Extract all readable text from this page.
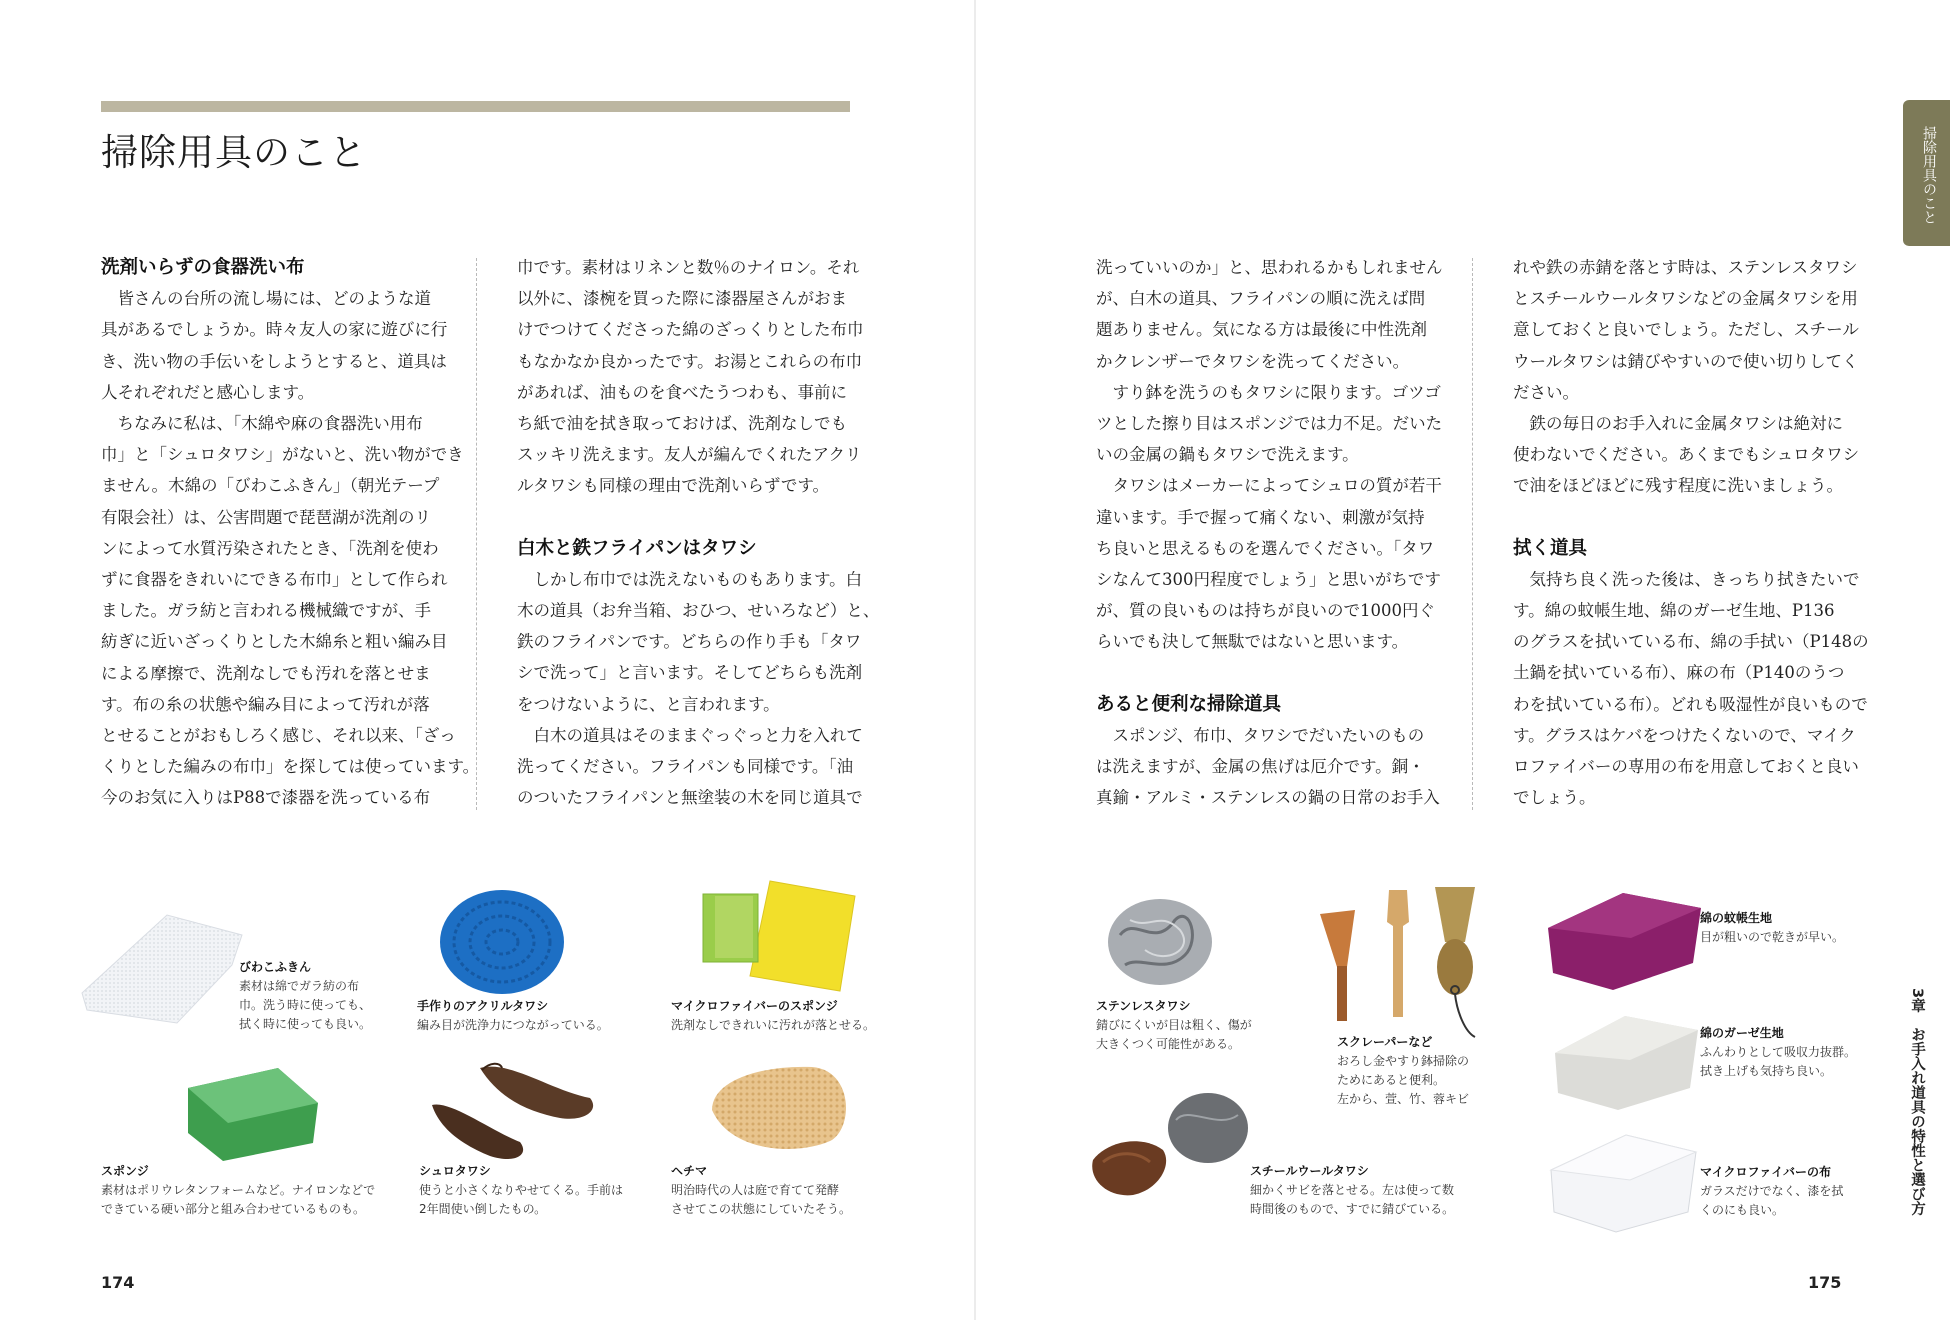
掃除用具のこと	掃除用具のこと
洗剤いらずの食器洗い布

　皆さんの台所の流し場には、どのような道

具があるでしょうか。時々友人の家に遊びに行

き、洗い物の手伝いをしようとすると、道具は

人それぞれだと感心します。

　ちなみに私は、「木綿や麻の食器洗い用布

巾」と「シュロタワシ」がないと、洗い物ができ

ません。木綿の「びわこふきん」（朝光テープ

有限会社）は、公害問題で琵琶湖が洗剤のリ

ンによって水質汚染されたとき、「洗剤を使わ

ずに食器をきれいにできる布巾」として作られ

ました。ガラ紡と言われる機械織ですが、手

紡ぎに近いざっくりとした木綿糸と粗い編み目

による摩擦で、洗剤なしでも汚れを落とせま

す。布の糸の状態や編み目によって汚れが落

とせることがおもしろく感じ、それ以来、「ざっ

くりとした編みの布巾」を探しては使っています。

今のお気に入りはP88で漆器を洗っている布

巾です。素材はリネンと数％のナイロン。それ

以外に、漆椀を買った際に漆器屋さんがおま

けでつけてくださった綿のざっくりとした布巾

もなかなか良かったです。お湯とこれらの布巾

があれば、油ものを食べたうつわも、事前に

ち紙で油を拭き取っておけば、洗剤なしでも

スッキリ洗えます。友人が編んでくれたアクリ

ルタワシも同様の理由で洗剤いらずです。

白木と鉄フライパンはタワシ

　しかし布巾では洗えないものもあります。白

木の道具（お弁当箱、おひつ、せいろなど）と、

鉄のフライパンです。どちらの作り手も「タワ

シで洗って」と言います。そしてどちらも洗剤

をつけないように、と言われます。

　白木の道具はそのままぐっぐっと力を入れて

洗ってください。フライパンも同様です。「油

のついたフライパンと無塗装の木を同じ道具で

洗っていいのか」と、思われるかもしれません

が、白木の道具、フライパンの順に洗えば問

題ありません。気になる方は最後に中性洗剤

かクレンザーでタワシを洗ってください。

　すり鉢を洗うのもタワシに限ります。ゴツゴ

ツとした擦り目はスポンジでは力不足。だいた

いの金属の鍋もタワシで洗えます。

　タワシはメーカーによってシュロの質が若干

違います。手で握って痛くない、刺激が気持

ち良いと思えるものを選んでください。「タワ

シなんて300円程度でしょう」と思いがちです

が、質の良いものは持ちが良いので1000円ぐ

らいでも決して無駄ではないと思います。

あると便利な掃除道具

　スポンジ、布巾、タワシでだいたいのもの

は洗えますが、金属の焦げは厄介です。銅・

真鍮・アルミ・ステンレスの鍋の日常のお手入

れや鉄の赤錆を落とす時は、ステンレスタワシ

とスチールウールタワシなどの金属タワシを用

意しておくと良いでしょう。ただし、スチール

ウールタワシは錆びやすいので使い切りしてく

ださい。

　鉄の毎日のお手入れに金属タワシは絶対に

使わないでください。あくまでもシュロタワシ

で油をほどほどに残す程度に洗いましょう。

拭く道具

　気持ち良く洗った後は、きっちり拭きたいで

す。綿の蚊帳生地、綿のガーゼ生地、P136

のグラスを拭いている布、綿の手拭い（P148の

土鍋を拭いている布）、麻の布（P140のうつ

わを拭いている布）。どれも吸湿性が良いもので

す。グラスはケバをつけたくないので、マイク

ロファイバーの専用の布を用意しておくと良い

でしょう。

びわこふきん
素材は綿でガラ紡の布
巾。洗う時に使っても、
拭く時に使っても良い。
手作りのアクリルタワシ
編み目が洗浄力につながっている。
マイクロファイバーのスポンジ
洗剤なしできれいに汚れが落とせる。
スポンジ
素材はポリウレタンフォームなど。ナイロンなどで
できている硬い部分と組み合わせているものも。
シュロタワシ
使うと小さくなりやせてくる。手前は
2年間使い倒したもの。
ヘチマ
明治時代の人は庭で育てて発酵
させてこの状態にしていたそう。
174
ステンレスタワシ
錆びにくいが目は粗く、傷が
大きくつく可能性がある。	スクレーパーなど
おろし金やすり鉢掃除の
ためにあると便利。
左から、萱、竹、蓉キビ
スチールウールタワシ
細かくサビを落とせる。左は使って数
時間後のもので、すでに錆びている。
綿の蚊帳生地
目が粗いので乾きが早い。
綿のガーゼ生地
ふんわりとして吸収力抜群。
拭き上げも気持ち良い。
マイクロファイバーの布
ガラスだけでなく、漆を拭
くのにも良い。	3章　お手入れ道具の特性と選び方
175
